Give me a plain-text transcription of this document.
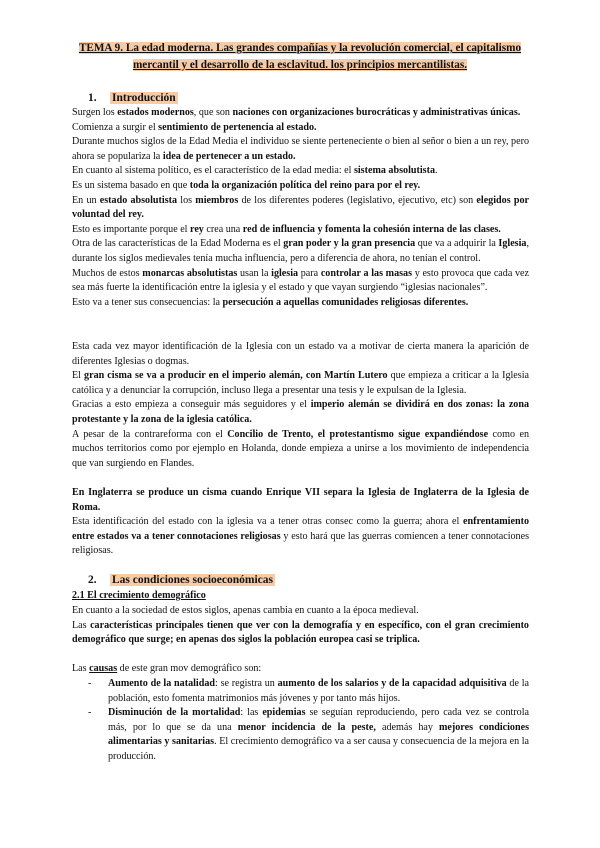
TEMA 9. La edad moderna. Las grandes compañías y la revolución comercial, el capitalismo mercantil y el desarrollo de la esclavitud. los principios mercantilistas.
1. Introducción

Surgen los estados modernos, que son naciones con organizaciones burocráticas y administrativas únicas.

Comienza a surgir el sentimiento de pertenencia al estado.

Durante muchos siglos de la Edad Media el individuo se siente perteneciente o bien al señor o bien a un rey, pero ahora se populariza la idea de pertenecer a un estado.

En cuanto al sistema político, es el característico de la edad media: el sistema absolutista.

Es un sistema basado en que toda la organización política del reino para por el rey.

En un estado absolutista los miembros de los diferentes poderes (legislativo, ejecutivo, etc) son elegidos por voluntad del rey.

Esto es importante porque el rey crea una red de influencia y fomenta la cohesión interna de las clases.

Otra de las características de la Edad Moderna es el gran poder y la gran presencia que va a adquirir la Iglesia, durante los siglos medievales tenía mucha influencia, pero a diferencia de ahora, no tenían el control.

Muchos de estos monarcas absolutistas usan la iglesia para controlar a las masas y esto provoca que cada vez sea más fuerte la identificación entre la iglesia y el estado y que vayan surgiendo “iglesias nacionales”.

Esto va a tener sus consecuencias: la persecución a aquellas comunidades religiosas diferentes.

Esta cada vez mayor identificación de la Iglesia con un estado va a motivar de cierta manera la aparición de diferentes Iglesias o dogmas.

El gran cisma se va a producir en el imperio alemán, con Martín Lutero que empieza a criticar a la Iglesia católica y a denunciar la corrupción, incluso llega a presentar una tesis y le expulsan de la Iglesia.

Gracias a esto empieza a conseguir más seguidores y el imperio alemán se dividirá en dos zonas: la zona protestante y la zona de la iglesia católica.

A pesar de la contrareforma con el Concilio de Trento, el protestantismo sigue expandiéndose como en muchos territorios como por ejemplo en Holanda, donde empieza a unirse a los movimiento de independencia que van surgiendo en Flandes.

En Inglaterra se produce un cisma cuando Enrique VII separa la Iglesia de Inglaterra de la Iglesia de Roma.

Esta identificación del estado con la iglesia va a tener otras consec como la guerra; ahora el enfrentamiento entre estados va a tener connotaciones religiosas y esto hará que las guerras comiencen a tener connotaciones religiosas.

2. Las condiciones socioeconómicas
2.1 El crecimiento demográfico

En cuanto a la sociedad de estos siglos, apenas cambia en cuanto a la época medieval.

Las características principales tienen que ver con la demografía y en específico, con el gran crecimiento demográfico que surge; en apenas dos siglos la población europea casi se triplica.

Las causas de este gran mov demográfico son:

- Aumento de la natalidad: se registra un aumento de los salarios y de la capacidad adquisitiva de la población, esto fomenta matrimonios más jóvenes y por tanto más hijos.
- Disminución de la mortalidad: las epidemias se seguían reproduciendo, pero cada vez se controla más, por lo que se da una menor incidencia de la peste, además hay mejores condiciones alimentarias y sanitarias. El crecimiento demográfico va a ser causa y consecuencia de la mejora en la producción.
